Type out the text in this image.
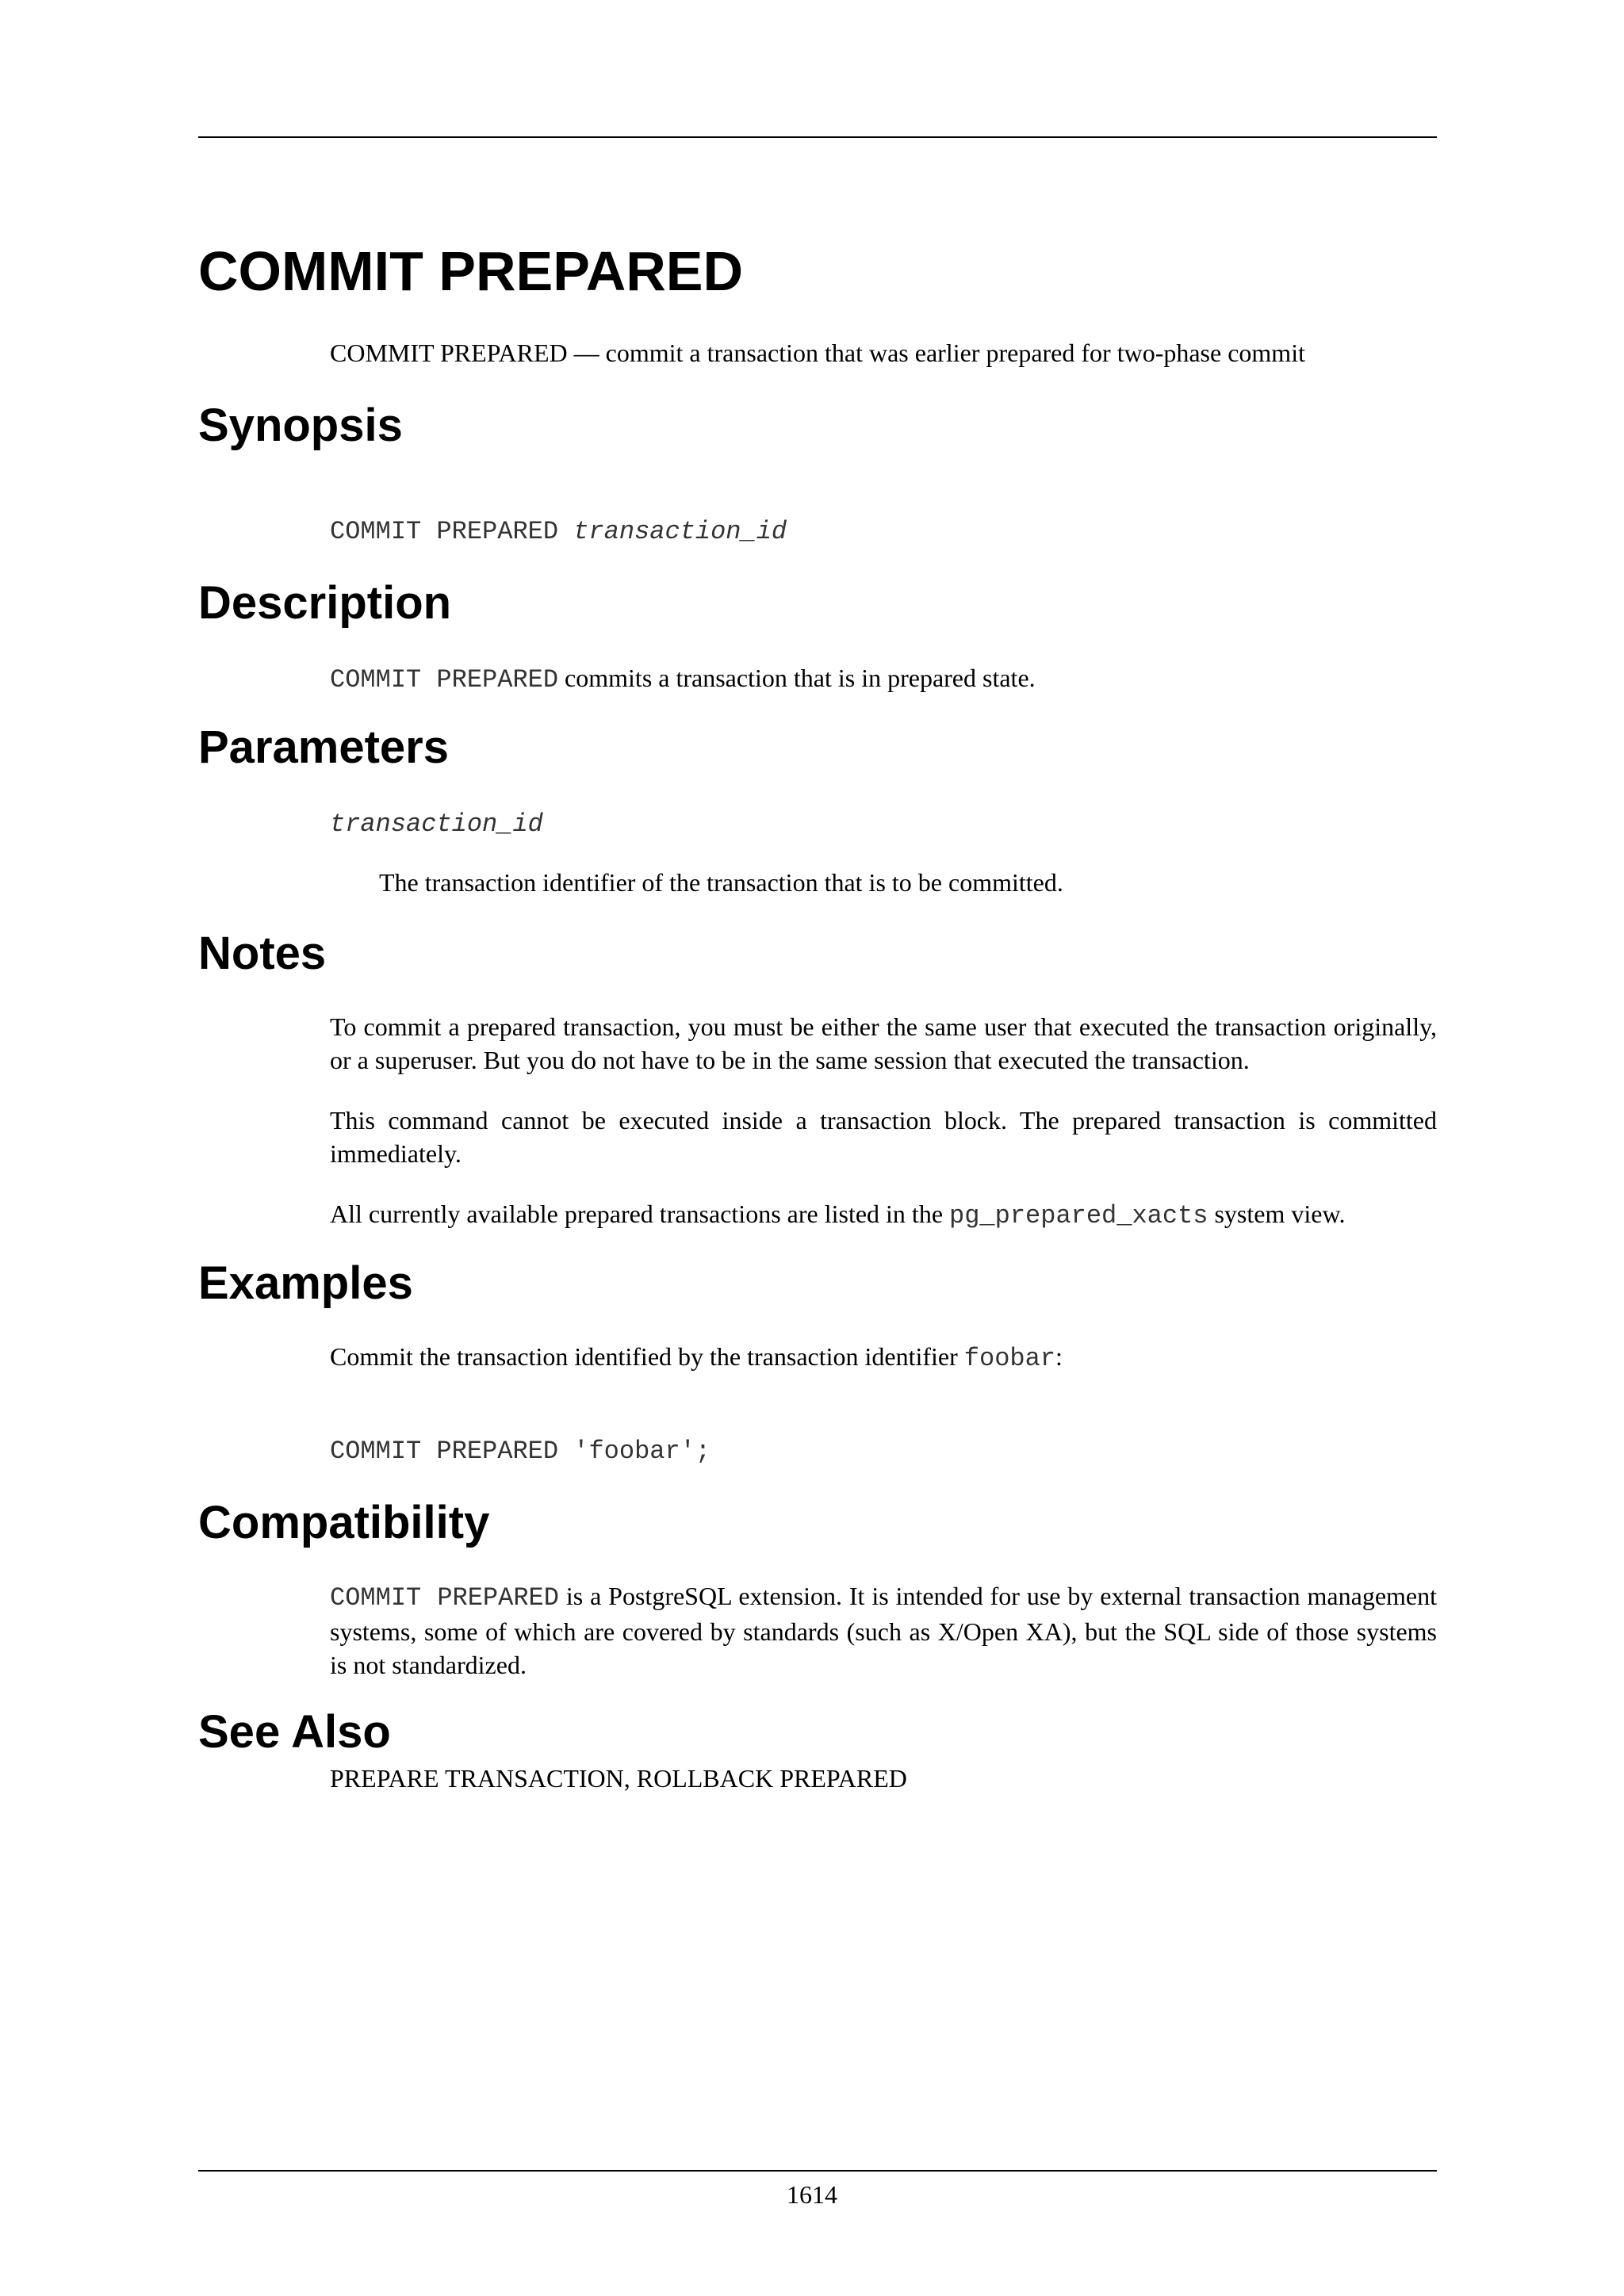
COMMIT PREPARED

COMMIT PREPARED — commit a transaction that was earlier prepared for two-phase commit

Synopsis
COMMIT PREPARED transaction_id
Description

COMMIT PREPARED commits a transaction that is in prepared state.

Parameters

transaction_id

The transaction identifier of the transaction that is to be committed.

Notes

To commit a prepared transaction, you must be either the same user that executed the transaction originally, or a superuser. But you do not have to be in the same session that executed the transaction.

This command cannot be executed inside a transaction block. The prepared transaction is committed immediately.

All currently available prepared transactions are listed in the pg_prepared_xacts system view.

Examples

Commit the transaction identified by the transaction identifier foobar:

COMMIT PREPARED 'foobar';
Compatibility

COMMIT PREPARED is a PostgreSQL extension. It is intended for use by external transaction management systems, some of which are covered by standards (such as X/Open XA), but the SQL side of those systems is not standardized.

See Also

PREPARE TRANSACTION, ROLLBACK PREPARED

1614
